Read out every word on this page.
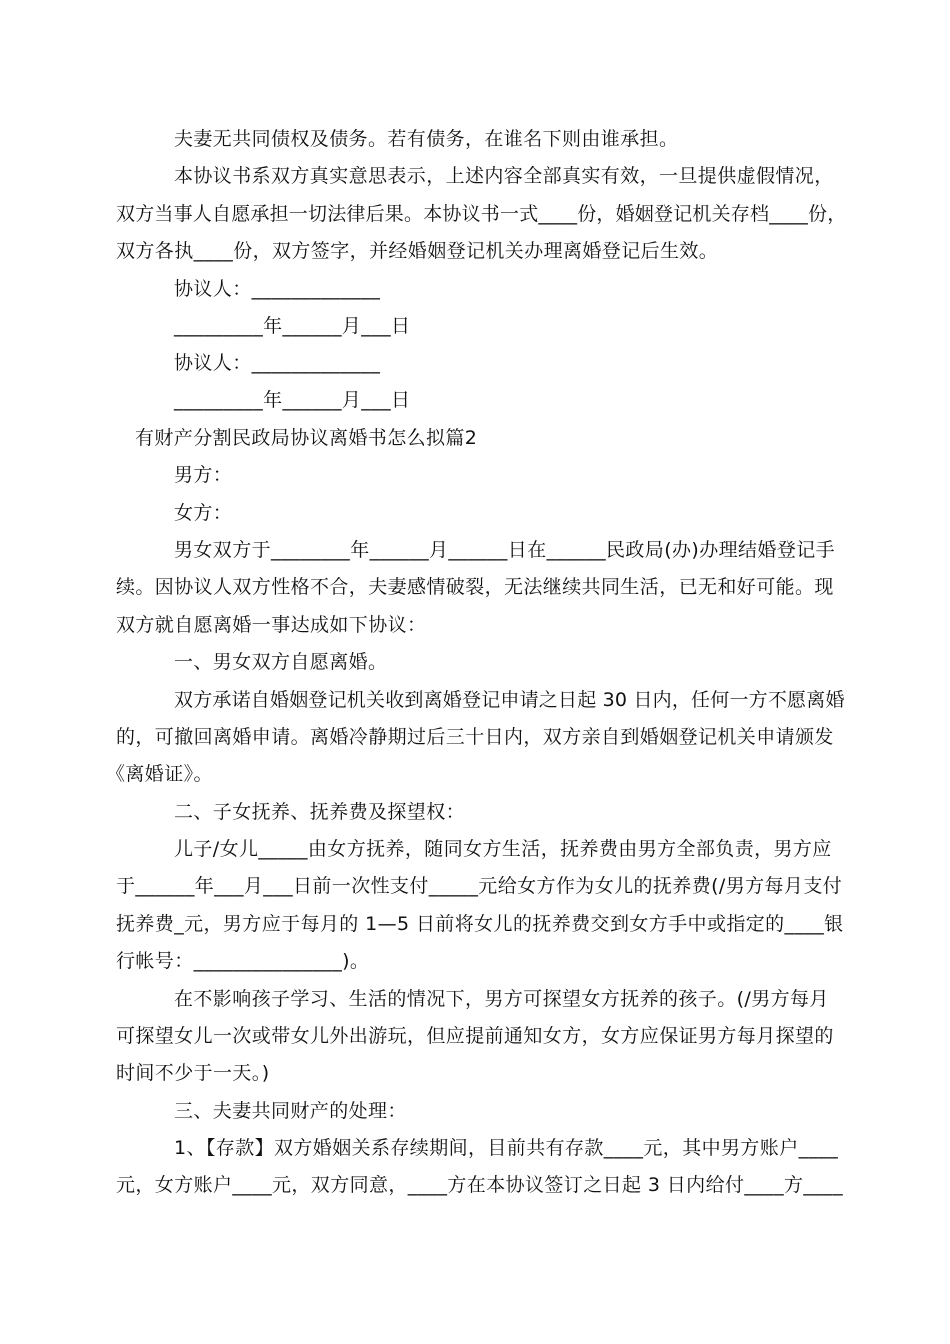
夫妻无共同债权及债务。若有债务，在谁名下则由谁承担。

本协议书系双方真实意思表示，上述内容全部真实有效，一旦提供虚假情况，

双方当事人自愿承担一切法律后果。本协议书一式____份，婚姻登记机关存档____份，

双方各执____份，双方签字，并经婚姻登记机关办理离婚登记后生效。

协议人：_____________

_________年______月___日

协议人：_____________

_________年______月___日

有财产分割民政局协议离婚书怎么拟篇2

男方：

女方：

男女双方于________年______月______日在______民政局(办)办理结婚登记手

续。因协议人双方性格不合，夫妻感情破裂，无法继续共同生活，已无和好可能。现

双方就自愿离婚一事达成如下协议：

一、男女双方自愿离婚。

双方承诺自婚姻登记机关收到离婚登记申请之日起 30 日内，任何一方不愿离婚

的，可撤回离婚申请。离婚冷静期过后三十日内，双方亲自到婚姻登记机关申请颁发

《离婚证》。

二、子女抚养、抚养费及探望权：

儿子/女儿_____由女方抚养，随同女方生活，抚养费由男方全部负责，男方应

于______年___月___日前一次性支付_____元给女方作为女儿的抚养费(/男方每月支付

抚养费_元，男方应于每月的 1—5 日前将女儿的抚养费交到女方手中或指定的____银

行帐号：_______________)。

在不影响孩子学习、生活的情况下，男方可探望女方抚养的孩子。(/男方每月

可探望女儿一次或带女儿外出游玩，但应提前通知女方，女方应保证男方每月探望的

时间不少于一天。)

三、夫妻共同财产的处理：

1、【存款】双方婚姻关系存续期间，目前共有存款____元，其中男方账户____

元，女方账户____元，双方同意，____方在本协议签订之日起 3 日内给付____方____
